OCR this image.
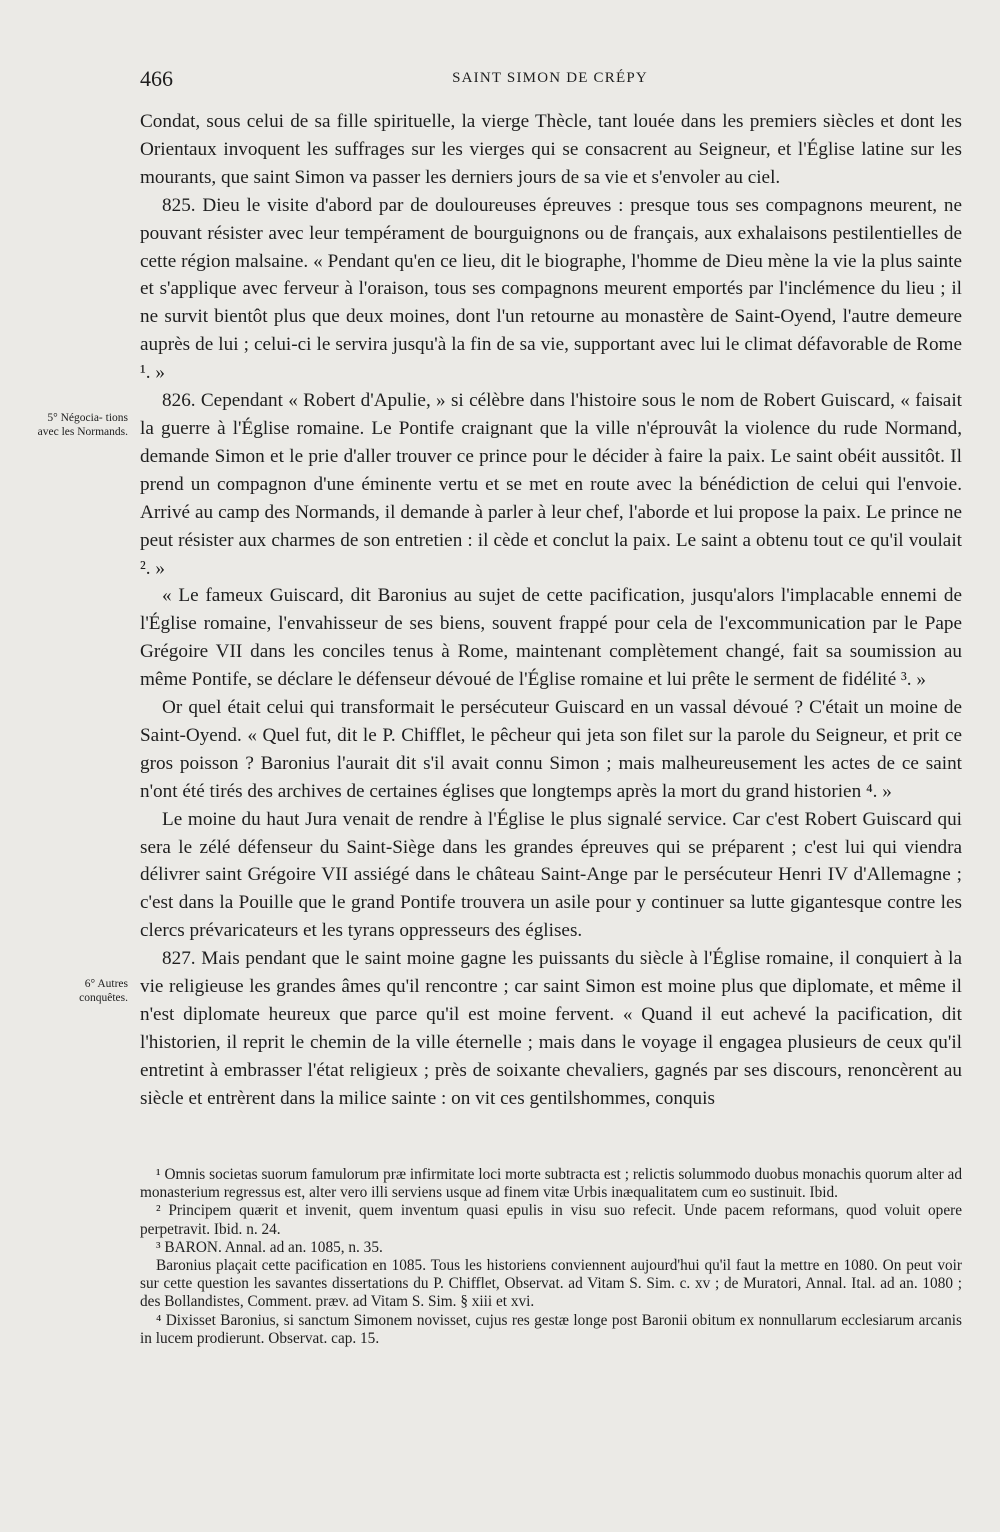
466	SAINT SIMON DE CRÉPY
5° Négocia- tions avec les Normands.
6° Autres conquêtes.

Condat, sous celui de sa fille spirituelle, la vierge Thècle, tant louée dans les premiers siècles et dont les Orientaux invoquent les suffrages sur les vierges qui se consacrent au Seigneur, et l'Église latine sur les mourants, que saint Simon va passer les derniers jours de sa vie et s'envoler au ciel.

825. Dieu le visite d'abord par de douloureuses épreuves : presque tous ses compagnons meurent, ne pouvant résister avec leur tempérament de bourguignons ou de français, aux exhalaisons pestilentielles de cette région malsaine. « Pendant qu'en ce lieu, dit le biographe, l'homme de Dieu mène la vie la plus sainte et s'applique avec ferveur à l'oraison, tous ses compagnons meurent emportés par l'inclémence du lieu ; il ne survit bientôt plus que deux moines, dont l'un retourne au monastère de Saint-Oyend, l'autre demeure auprès de lui ; celui-ci le servira jusqu'à la fin de sa vie, supportant avec lui le climat défavorable de Rome ¹. »

826. Cependant « Robert d'Apulie, » si célèbre dans l'histoire sous le nom de Robert Guiscard, « faisait la guerre à l'Église romaine. Le Pontife craignant que la ville n'éprouvât la violence du rude Normand, demande Simon et le prie d'aller trouver ce prince pour le décider à faire la paix. Le saint obéit aussitôt. Il prend un compagnon d'une éminente vertu et se met en route avec la bénédiction de celui qui l'envoie. Arrivé au camp des Normands, il demande à parler à leur chef, l'aborde et lui propose la paix. Le prince ne peut résister aux charmes de son entretien : il cède et conclut la paix. Le saint a obtenu tout ce qu'il voulait ². »

« Le fameux Guiscard, dit Baronius au sujet de cette pacification, jusqu'alors l'implacable ennemi de l'Église romaine, l'envahisseur de ses biens, souvent frappé pour cela de l'excommunication par le Pape Grégoire VII dans les conciles tenus à Rome, maintenant complètement changé, fait sa soumission au même Pontife, se déclare le défenseur dévoué de l'Église romaine et lui prête le serment de fidélité ³. »

Or quel était celui qui transformait le persécuteur Guiscard en un vassal dévoué ? C'était un moine de Saint-Oyend. « Quel fut, dit le P. Chifflet, le pêcheur qui jeta son filet sur la parole du Seigneur, et prit ce gros poisson ? Baronius l'aurait dit s'il avait connu Simon ; mais malheureusement les actes de ce saint n'ont été tirés des archives de certaines églises que longtemps après la mort du grand historien ⁴. »

Le moine du haut Jura venait de rendre à l'Église le plus signalé service. Car c'est Robert Guiscard qui sera le zélé défenseur du Saint-Siège dans les grandes épreuves qui se préparent ; c'est lui qui viendra délivrer saint Grégoire VII assiégé dans le château Saint-Ange par le persécuteur Henri IV d'Allemagne ; c'est dans la Pouille que le grand Pontife trouvera un asile pour y continuer sa lutte gigantesque contre les clercs prévaricateurs et les tyrans oppresseurs des églises.

827. Mais pendant que le saint moine gagne les puissants du siècle à l'Église romaine, il conquiert à la vie religieuse les grandes âmes qu'il rencontre ; car saint Simon est moine plus que diplomate, et même il n'est diplomate heureux que parce qu'il est moine fervent. « Quand il eut achevé la pacification, dit l'historien, il reprit le chemin de la ville éternelle ; mais dans le voyage il engagea plusieurs de ceux qu'il entretint à embrasser l'état religieux ; près de soixante chevaliers, gagnés par ses discours, renoncèrent au siècle et entrèrent dans la milice sainte : on vit ces gentilshommes, conquis

¹ Omnis societas suorum famulorum præ infirmitate loci morte subtracta est ; relictis solummodo duobus monachis quorum alter ad monasterium regressus est, alter vero illi serviens usque ad finem vitæ Urbis inæqualitatem cum eo sustinuit. Ibid.

² Principem quærit et invenit, quem inventum quasi epulis in visu suo refecit. Unde pacem reformans, quod voluit opere perpetravit. Ibid. n. 24.

³ BARON. Annal. ad an. 1085, n. 35.

Baronius plaçait cette pacification en 1085. Tous les historiens conviennent aujourd'hui qu'il faut la mettre en 1080. On peut voir sur cette question les savantes dissertations du P. Chifflet, Observat. ad Vitam S. Sim. c. xv ; de Muratori, Annal. Ital. ad an. 1080 ; des Bollandistes, Comment. præv. ad Vitam S. Sim. § xiii et xvi.

⁴ Dixisset Baronius, si sanctum Simonem novisset, cujus res gestæ longe post Baronii obitum ex nonnullarum ecclesiarum arcanis in lucem prodierunt. Observat. cap. 15.
